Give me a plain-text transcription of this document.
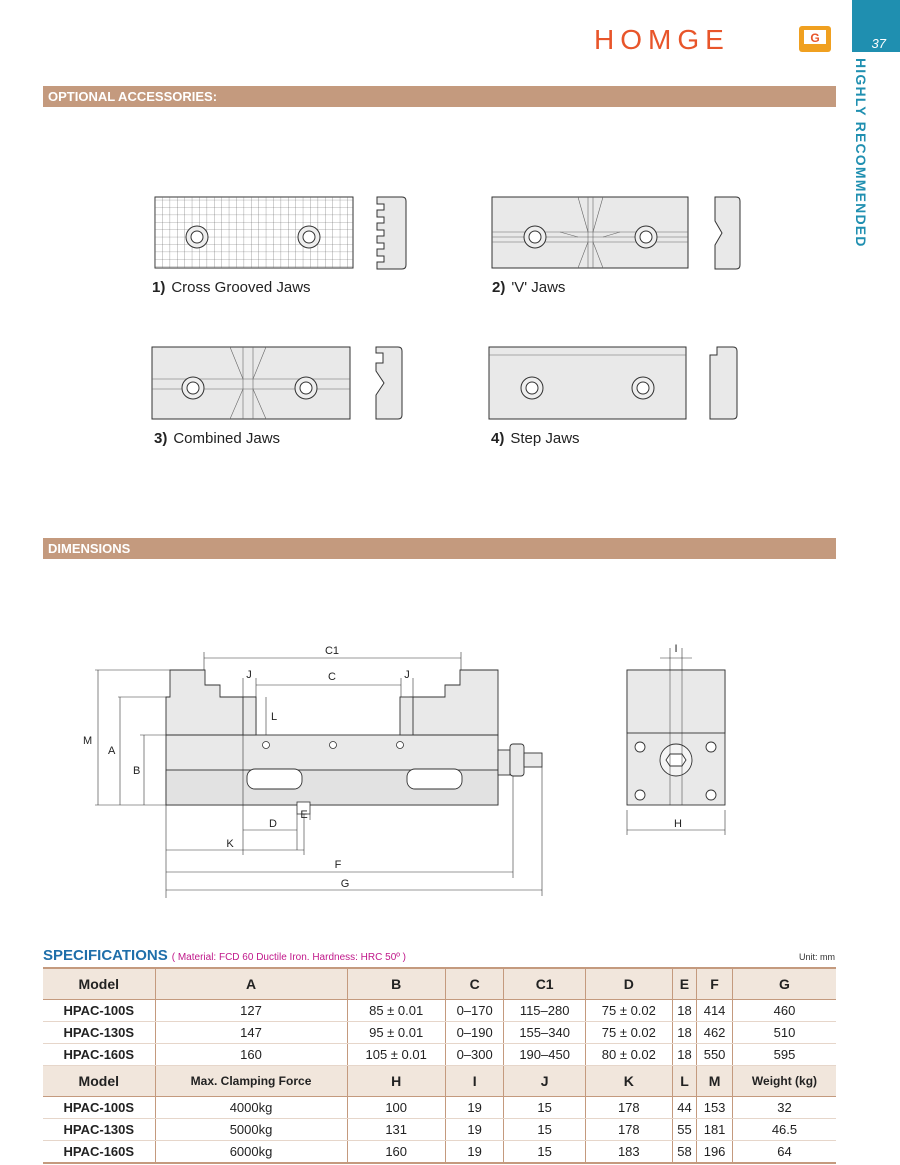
HOMGE	G	37
HIGHLY RECOMMENDED
OPTIONAL ACCESSORIES:
1) Cross Grooved Jaws	2) 'V' Jaws
3) Combined Jaws	4) Step Jaws
DIMENSIONS
C1
C
J	J
L
M
A
B
D
E
K
F
G
I
H
SPECIFICATIONS ( Material: FCD 60 Ductile Iron. Hardness: HRC 50º )	Unit: mm
Model	A	B	C	C1	D	E	F	G
HPAC-100S	127	85 ± 0.01	0–170	115–280	75 ± 0.02	18	414	460
HPAC-130S	147	95 ± 0.01	0–190	155–340	75 ± 0.02	18	462	510
HPAC-160S	160	105 ± 0.01	0–300	190–450	80 ± 0.02	18	550	595
Model	Max. Clamping Force	H	I	J	K	L	M	Weight (kg)
HPAC-100S	4000kg	100	19	15	178	44	153	32
HPAC-130S	5000kg	131	19	15	178	55	181	46.5
HPAC-160S	6000kg	160	19	15	183	58	196	64
